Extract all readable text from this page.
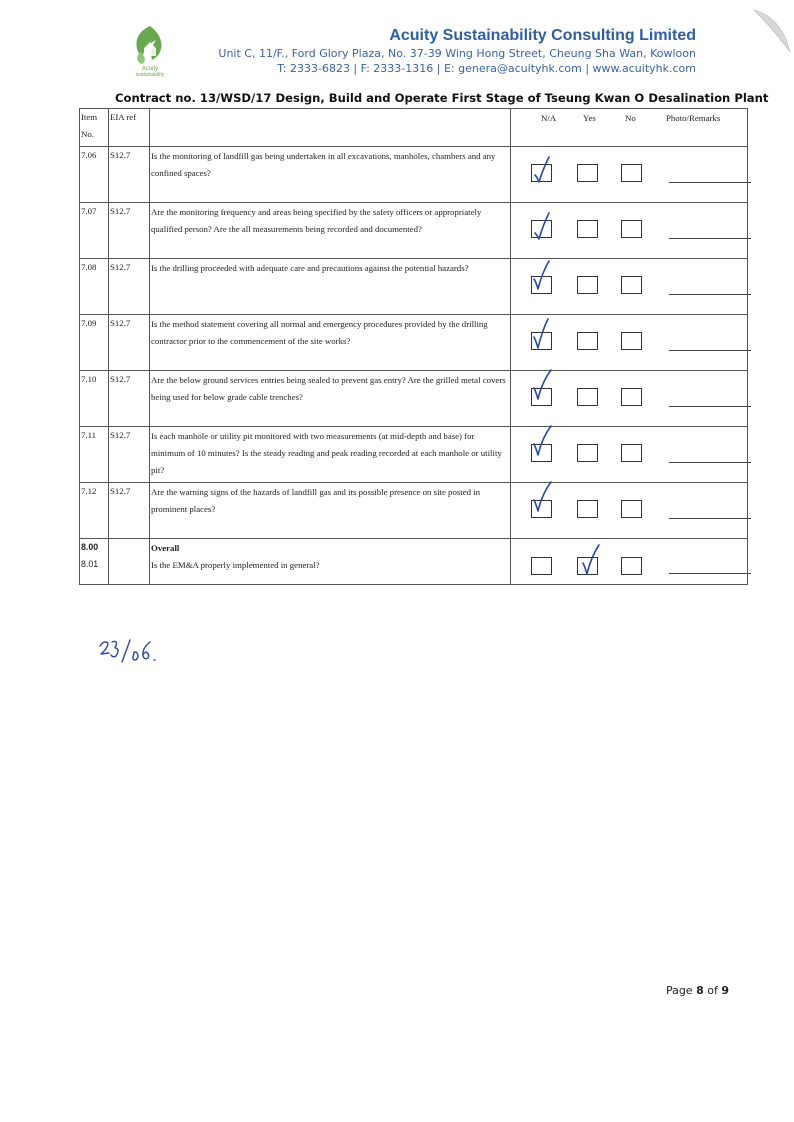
Acuity
sustainability
Acuity Sustainability Consulting Limited
Unit C, 11/F., Ford Glory Plaza, No. 37-39 Wing Hong Street, Cheung Sha Wan, Kowloon
T: 2333-6823 | F: 2333-1316 | E: genera@acuityhk.com | www.acuityhk.com
Contract no. 13/WSD/17 Design, Build and Operate First Stage of Tseung Kwan O Desalination Plant
Item No.	EIA ref		N/A Yes No Photo/Remarks

7.06	S12.7	Is the monitoring of landfill gas being undertaken in all excavations, manholes, chambers and any confined spaces?	

7.07	S12.7	Are the monitoring frequency and areas being specified by the safety officers or appropriately qualified person? Are the all measurements being recorded and documented?	

7.08	S12.7	Is the drilling proceeded with adequate care and precautions against the potential hazards?	

7.09	S12.7	Is the method statement covering all normal and emergency procedures provided by the drilling contractor prior to the commencement of the site works?	

7.10	S12.7	Are the below ground services entries being sealed to prevent gas entry? Are the grilled metal covers being used for below grade cable trenches?	

7.11	S12.7	Is each manhole or utility pit monitored with two measurements (at mid-depth and base) for minimum of 10 minutes? Is the steady reading and peak reading recorded at each manhole or utility pit?	

7.12	S12.7	Are the warning signs of the hazards of landfill gas and its possible presence on site posted in prominent places?	

8.00
8.01		Overall
Is the EM&A properly implemented in general?

Page 8 of 9
